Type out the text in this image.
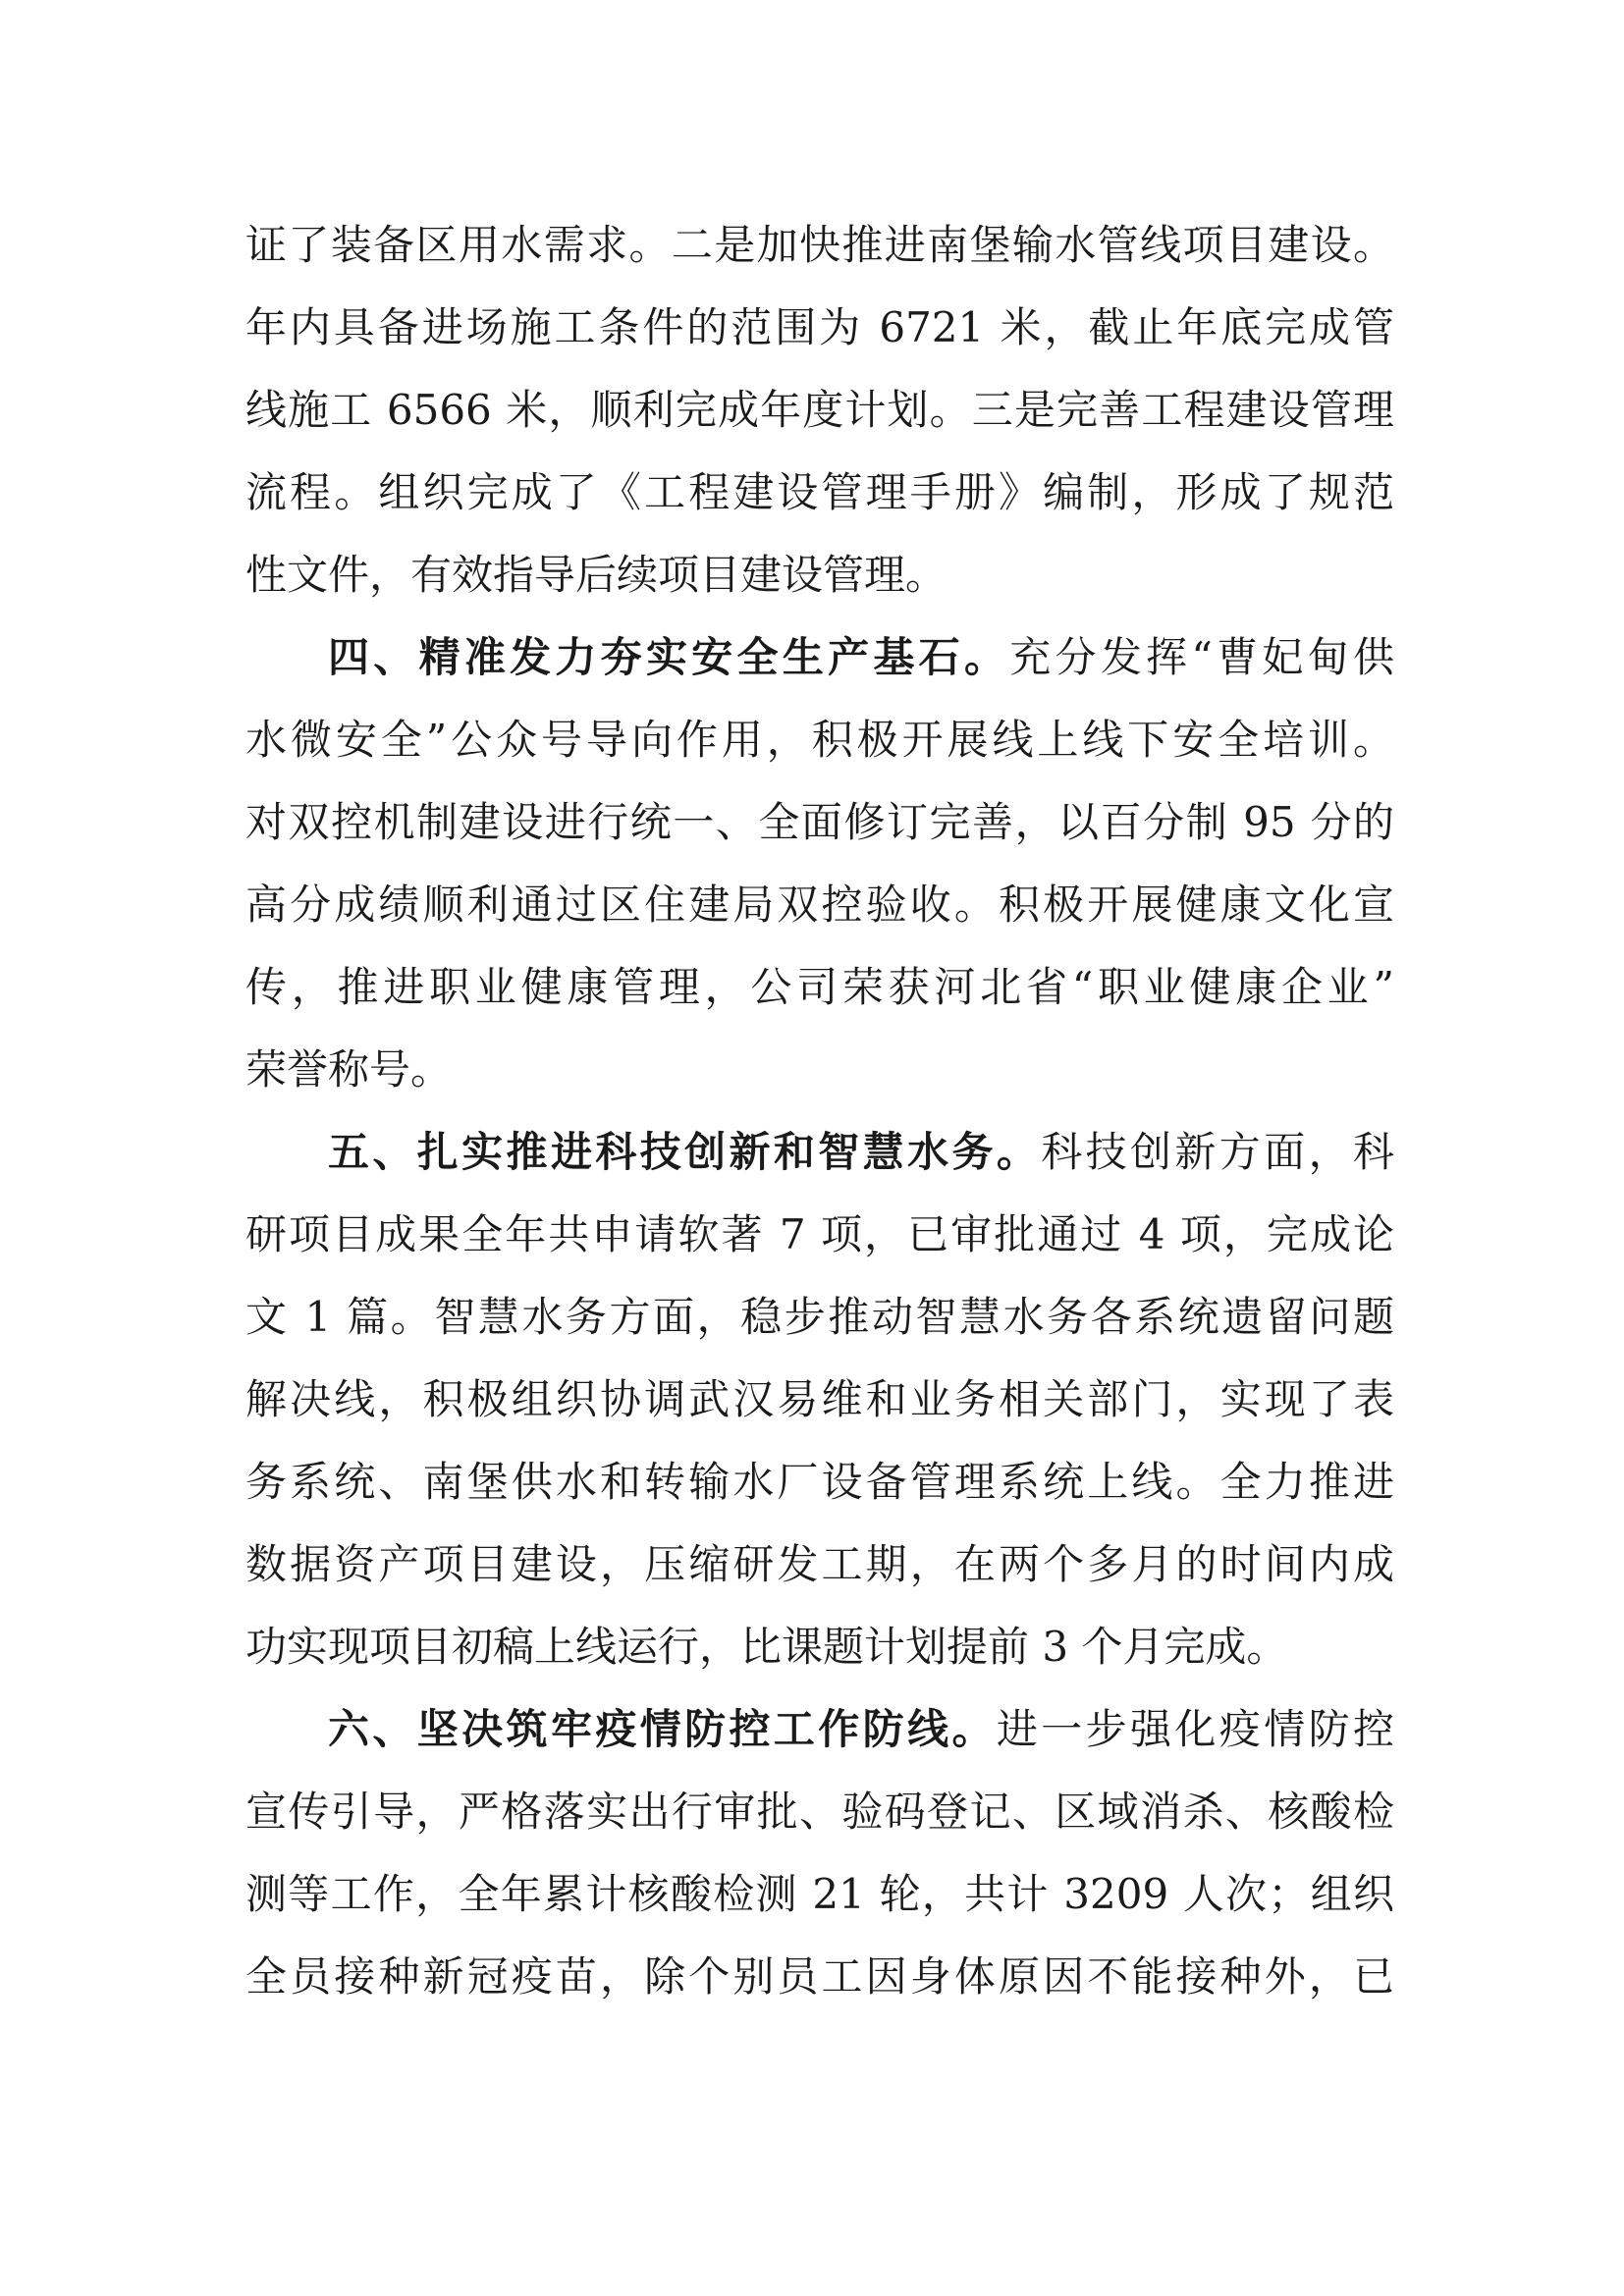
证了装备区用水需求。二是加快推进南堡输水管线项目建设。
年内具备进场施工条件的范围为 6721 米，截止年底完成管
线施工 6566 米，顺利完成年度计划。三是完善工程建设管理
流程。组织完成了《工程建设管理手册》编制，形成了规范
性文件，有效指导后续项目建设管理。

四、精准发力夯实安全生产基石。充分发挥“曹妃甸供
水微安全”公众号导向作用，积极开展线上线下安全培训。
对双控机制建设进行统一、全面修订完善，以百分制 95 分的
高分成绩顺利通过区住建局双控验收。积极开展健康文化宣
传，推进职业健康管理，公司荣获河北省“职业健康企业”
荣誉称号。

五、扎实推进科技创新和智慧水务。科技创新方面，科
研项目成果全年共申请软著 7 项，已审批通过 4 项，完成论
文 1 篇。智慧水务方面，稳步推动智慧水务各系统遗留问题
解决线，积极组织协调武汉易维和业务相关部门，实现了表
务系统、南堡供水和转输水厂设备管理系统上线。全力推进
数据资产项目建设，压缩研发工期，在两个多月的时间内成
功实现项目初稿上线运行，比课题计划提前 3 个月完成。

六、坚决筑牢疫情防控工作防线。进一步强化疫情防控
宣传引导，严格落实出行审批、验码登记、区域消杀、核酸检
测等工作，全年累计核酸检测 21 轮，共计 3209 人次；组织
全员接种新冠疫苗，除个别员工因身体原因不能接种外，已
